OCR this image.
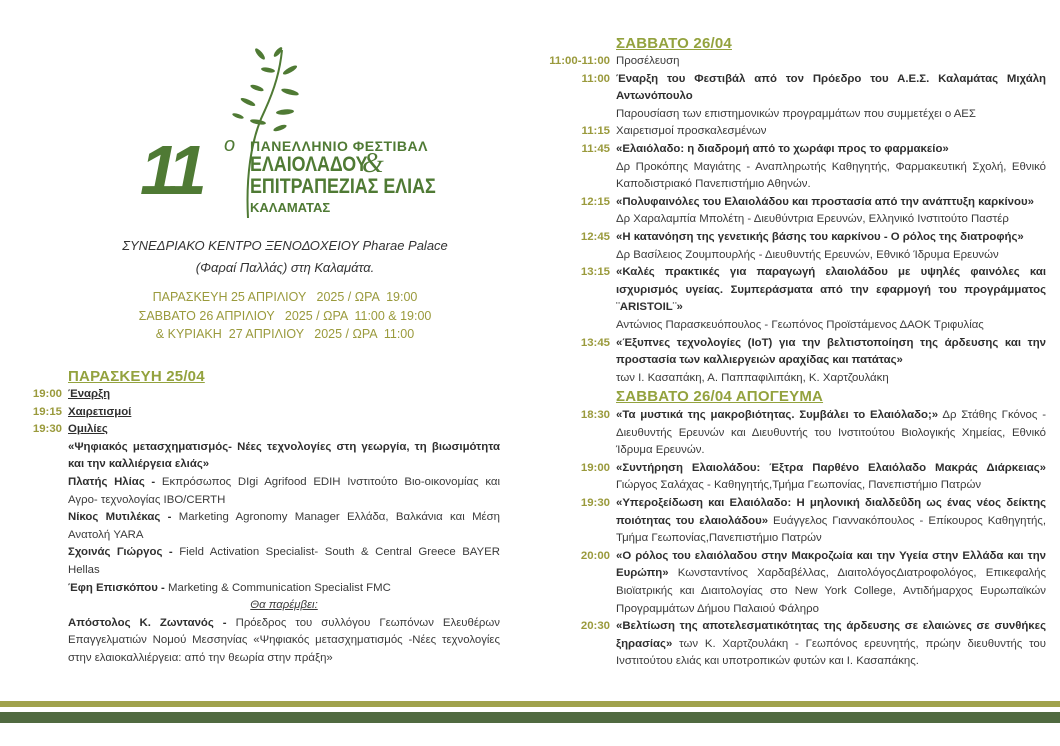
11 ο ΠΑΝΕΛΛΗΝΙΟ ΦΕΣΤΙΒΑΛ
ΕΛΑΙΟΛΑΔΟΥ
&
ΕΠΙΤΡΑΠΕΖΙΑΣ ΕΛΙΑΣ
ΚΑΛΑΜΑΤΑΣ
ΣΥΝΕΔΡΙΑΚΟ ΚΕΝΤΡΟ ΞΕΝΟΔΟΧΕΙΟΥ Pharae Palace
(Φαραί Παλλάς) στη Καλαμάτα.
ΠΑΡΑΣΚΕΥΗ 25 ΑΠΡΙΛΙΟΥ   2025 / ΩΡΑ  19:00
ΣΑΒΒΑΤΟ 26 ΑΠΡΙΛΙΟΥ   2025 / ΩΡΑ  11:00 & 19:00
& ΚΥΡΙΑΚΗ  27 ΑΠΡΙΛΙΟΥ   2025 / ΩΡΑ  11:00
ΠΑΡΑΣΚΕΥΗ 25/04
19:00 Έναρξη
19:15 Χαιρετισμοί
19:30 Ομιλίες
«Ψηφιακός μετασχηματισμός- Νέες τεχνολογίες στη γεωργία, τη βιωσιμότητα και την καλλιέργεια ελιάς»
Πλατής Ηλίας - Εκπρόσωπος DIgi Agrifood EDIH Ινστιτούτο Βιο-οικονομίας και Αγρο- τεχνολογίας IBO/CERTH
Νίκος Μυτιλέκας - Marketing Agronomy Manager Ελλάδα, Βαλκάνια και Μέση Ανατολή YARA
Σχοινάς Γιώργος - Field Activation Specialist- South & Central Greece BAYER Hellas
Έφη Επισκόπου - Marketing & Communication Specialist FMC
Θα παρέμβει:
Απόστολος Κ. Ζωντανός - Πρόεδρος του συλλόγου Γεωπόνων Ελευθέρων Επαγγελματιών Νομού Μεσσηνίας «Ψηφιακός μετασχηματισμός -Νέες τεχνολογίες στην ελαιοκαλλιέργεια: από την θεωρία στην πράξη»
ΣΑΒΒΑΤΟ 26/04
11:00-11:00 Προσέλευση
11:00 Έναρξη του Φεστιβάλ από τον Πρόεδρο του Α.Ε.Σ. Καλαμάτας Μιχάλη Αντωνόπουλο
Παρουσίαση των επιστημονικών προγραμμάτων που συμμετέχει ο ΑΕΣ
11:15 Χαιρετισμοί προσκαλεσμένων
11:45 «Ελαιόλαδο: η διαδρομή από το χωράφι προς το φαρμακείο»
Δρ Προκόπης Μαγιάτης - Αναπληρωτής Καθηγητής, Φαρμακευτική Σχολή, Εθνικό Καποδιστριακό Πανεπιστήμιο Αθηνών.
12:15 «Πολυφαινόλες του Ελαιολάδου και προστασία από την ανάπτυξη καρκίνου»
Δρ Χαραλαμπία Μπολέτη - Διευθύντρια Ερευνών, Ελληνικό Ινστιτούτο Παστέρ
12:45 «Η κατανόηση της γενετικής βάσης του καρκίνου - Ο ρόλος της διατροφής»
Δρ Βασίλειος Ζουμπουρλής - Διευθυντής Ερευνών, Εθνικό Ίδρυμα Ερευνών
13:15 «Καλές πρακτικές για παραγωγή ελαιολάδου με υψηλές φαινόλες και ισχυρισμός υγείας. Συμπεράσματα από την εφαρμογή του προγράμματος ¨ARISTOIL¨»
Αντώνιος Παρασκευόπουλος - Γεωπόνος Προϊστάμενος ΔΑΟΚ Τριφυλίας
13:45 «Έξυπνες τεχνολογίες (IoT) για την βελτιστοποίηση της άρδευσης και την προστασία των καλλιεργειών αραχίδας και πατάτας»
των Ι. Κασαπάκη, Α. Παππαφιλιπάκη, Κ. Χαρτζουλάκη
ΣΑΒΒΑΤΟ 26/04 ΑΠΟΓΕΥΜΑ
18:30 «Τα μυστικά της μακροβιότητας. Συμβάλει το Ελαιόλαδο;» Δρ Στάθης Γκόνος - Διευθυντής Ερευνών και Διευθυντής του Ινστιτούτου Βιολογικής Χημείας, Εθνικό Ίδρυμα Ερευνών.
19:00 «Συντήρηση Ελαιολάδου: Έξτρα Παρθένο Ελαιόλαδο Μακράς Διάρκειας» Γιώργος Σαλάχας - Καθηγητής,Τμήμα Γεωπονίας, Πανεπιστήμιο Πατρών
19:30 «Υπεροξείδωση και Ελαιόλαδο: Η μηλονική διαλδεΰδη ως ένας νέος δείκτης ποιότητας του ελαιολάδου» Ευάγγελος Γιαννακόπουλος - Επίκουρος Καθηγητής, Τμήμα Γεωπονίας,Πανεπιστήμιο Πατρών
20:00 «Ο ρόλος του ελαιόλαδου στην Μακροζωία και την Υγεία στην Ελλάδα και την Ευρώπη» Κωνσταντίνος Χαρδαβέλλας, ΔιαιτολόγοςΔιατροφολόγος, Επικεφαλής Βιοϊατρικής και Διαιτολογίας στο New York College, Αντιδήμαρχος Ευρωπαϊκών Προγραμμάτων Δήμου Παλαιού Φάληρο
20:30 «Βελτίωση της αποτελεσματικότητας της άρδευσης σε ελαιώνες σε συνθήκες ξηρασίας» των Κ. Χαρτζουλάκη - Γεωπόνος ερευνητής, πρώην διευθυντής του Ινστιτούτου ελιάς και υποτροπικών φυτών και Ι. Κασαπάκης.
